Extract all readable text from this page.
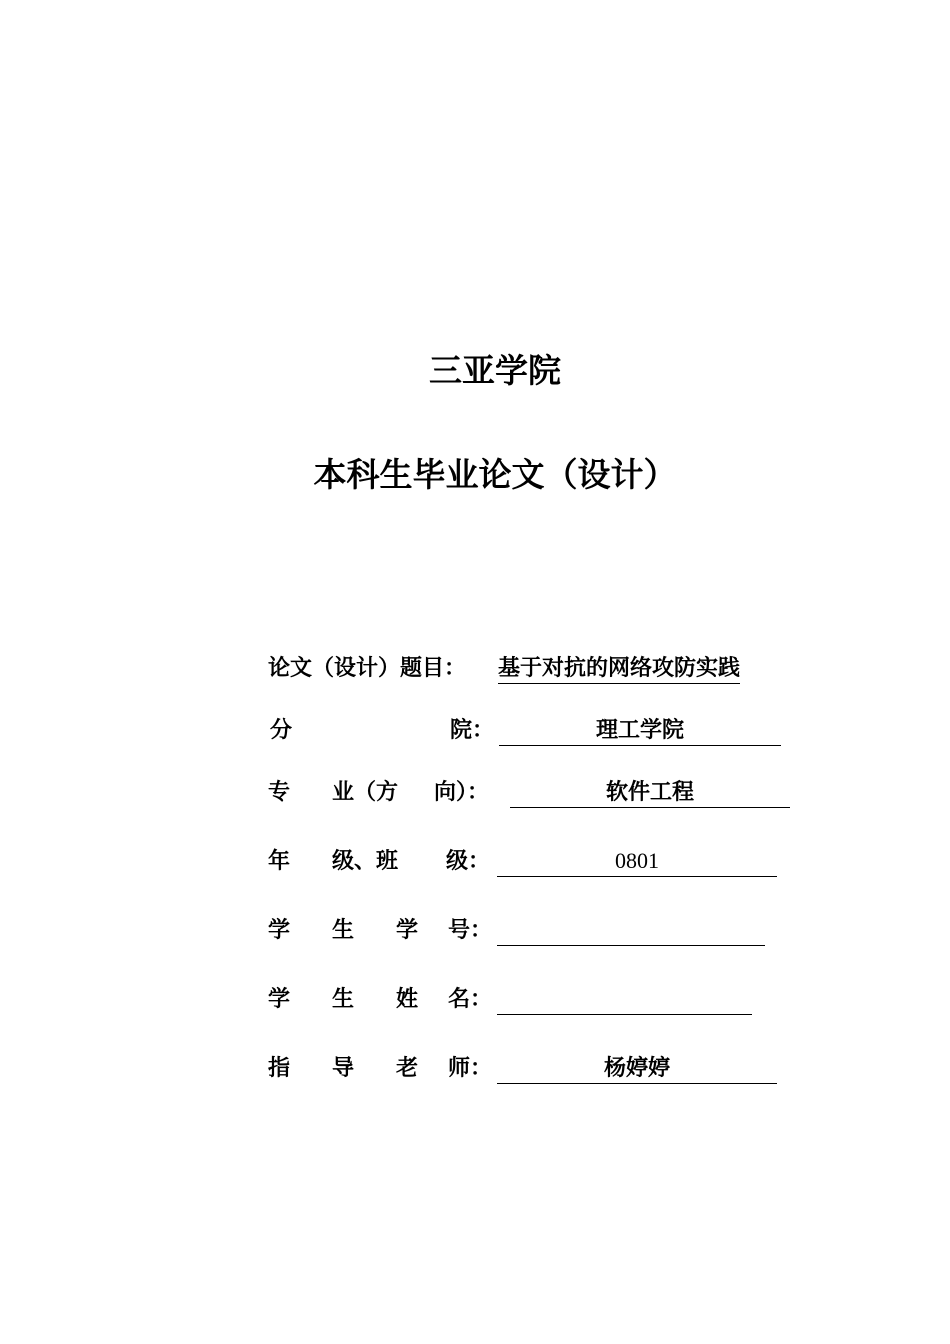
三亚学院
本科生毕业论文（设计）
论文（设计）题目： 基于对抗的网络攻防实践
分	院：	理工学院
专 业（方 向）：	软件工程
年 级、班 级：	0801
学 生 学 号：
学 生 姓 名：
指 导 老 师：	杨婷婷
